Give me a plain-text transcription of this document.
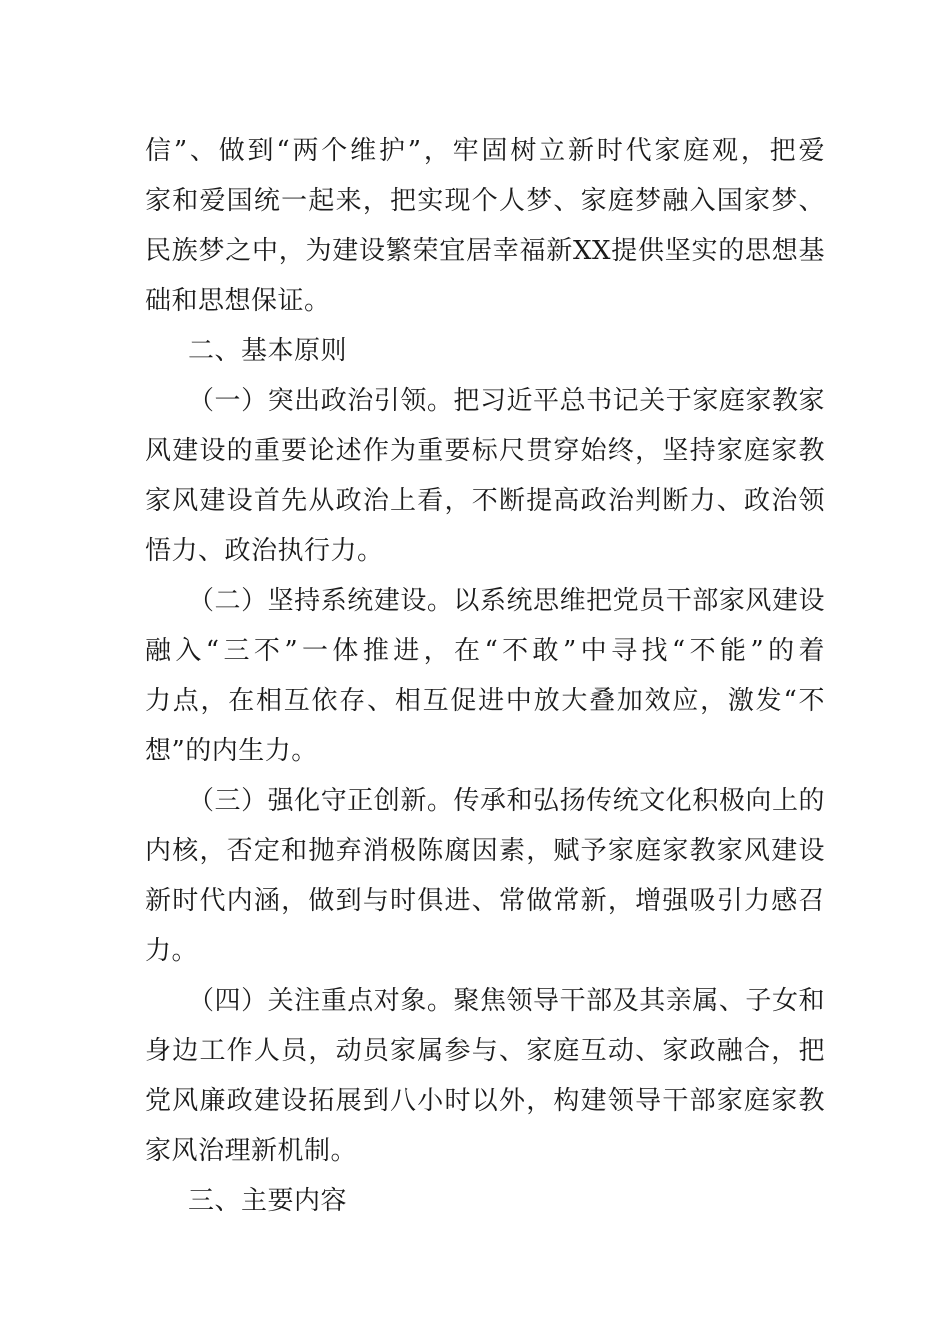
信”、做到“两个维护”，牢固树立新时代家庭观，把爱
家和爱国统一起来，把实现个人梦、家庭梦融入国家梦、
民族梦之中，为建设繁荣宜居幸福新XX提供坚实的思想基
础和思想保证。
二、基本原则
（一）突出政治引领。把习近平总书记关于家庭家教家
风建设的重要论述作为重要标尺贯穿始终，坚持家庭家教
家风建设首先从政治上看，不断提高政治判断力、政治领
悟力、政治执行力。
（二）坚持系统建设。以系统思维把党员干部家风建设
融入“三不”一体推进，在“不敢”中寻找“不能”的着
力点，在相互依存、相互促进中放大叠加效应，激发“不
想”的内生力。
（三）强化守正创新。传承和弘扬传统文化积极向上的
内核，否定和抛弃消极陈腐因素，赋予家庭家教家风建设
新时代内涵，做到与时俱进、常做常新，增强吸引力感召
力。
（四）关注重点对象。聚焦领导干部及其亲属、子女和
身边工作人员，动员家属参与、家庭互动、家政融合，把
党风廉政建设拓展到八小时以外，构建领导干部家庭家教
家风治理新机制。
三、主要内容
